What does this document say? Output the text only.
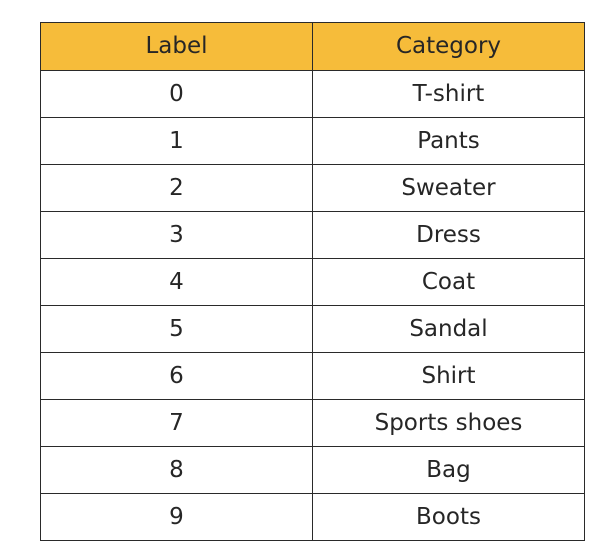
Label	Category
0	T-shirt
1	Pants
2	Sweater
3	Dress
4	Coat
5	Sandal
6	Shirt
7	Sports shoes
8	Bag
9	Boots
